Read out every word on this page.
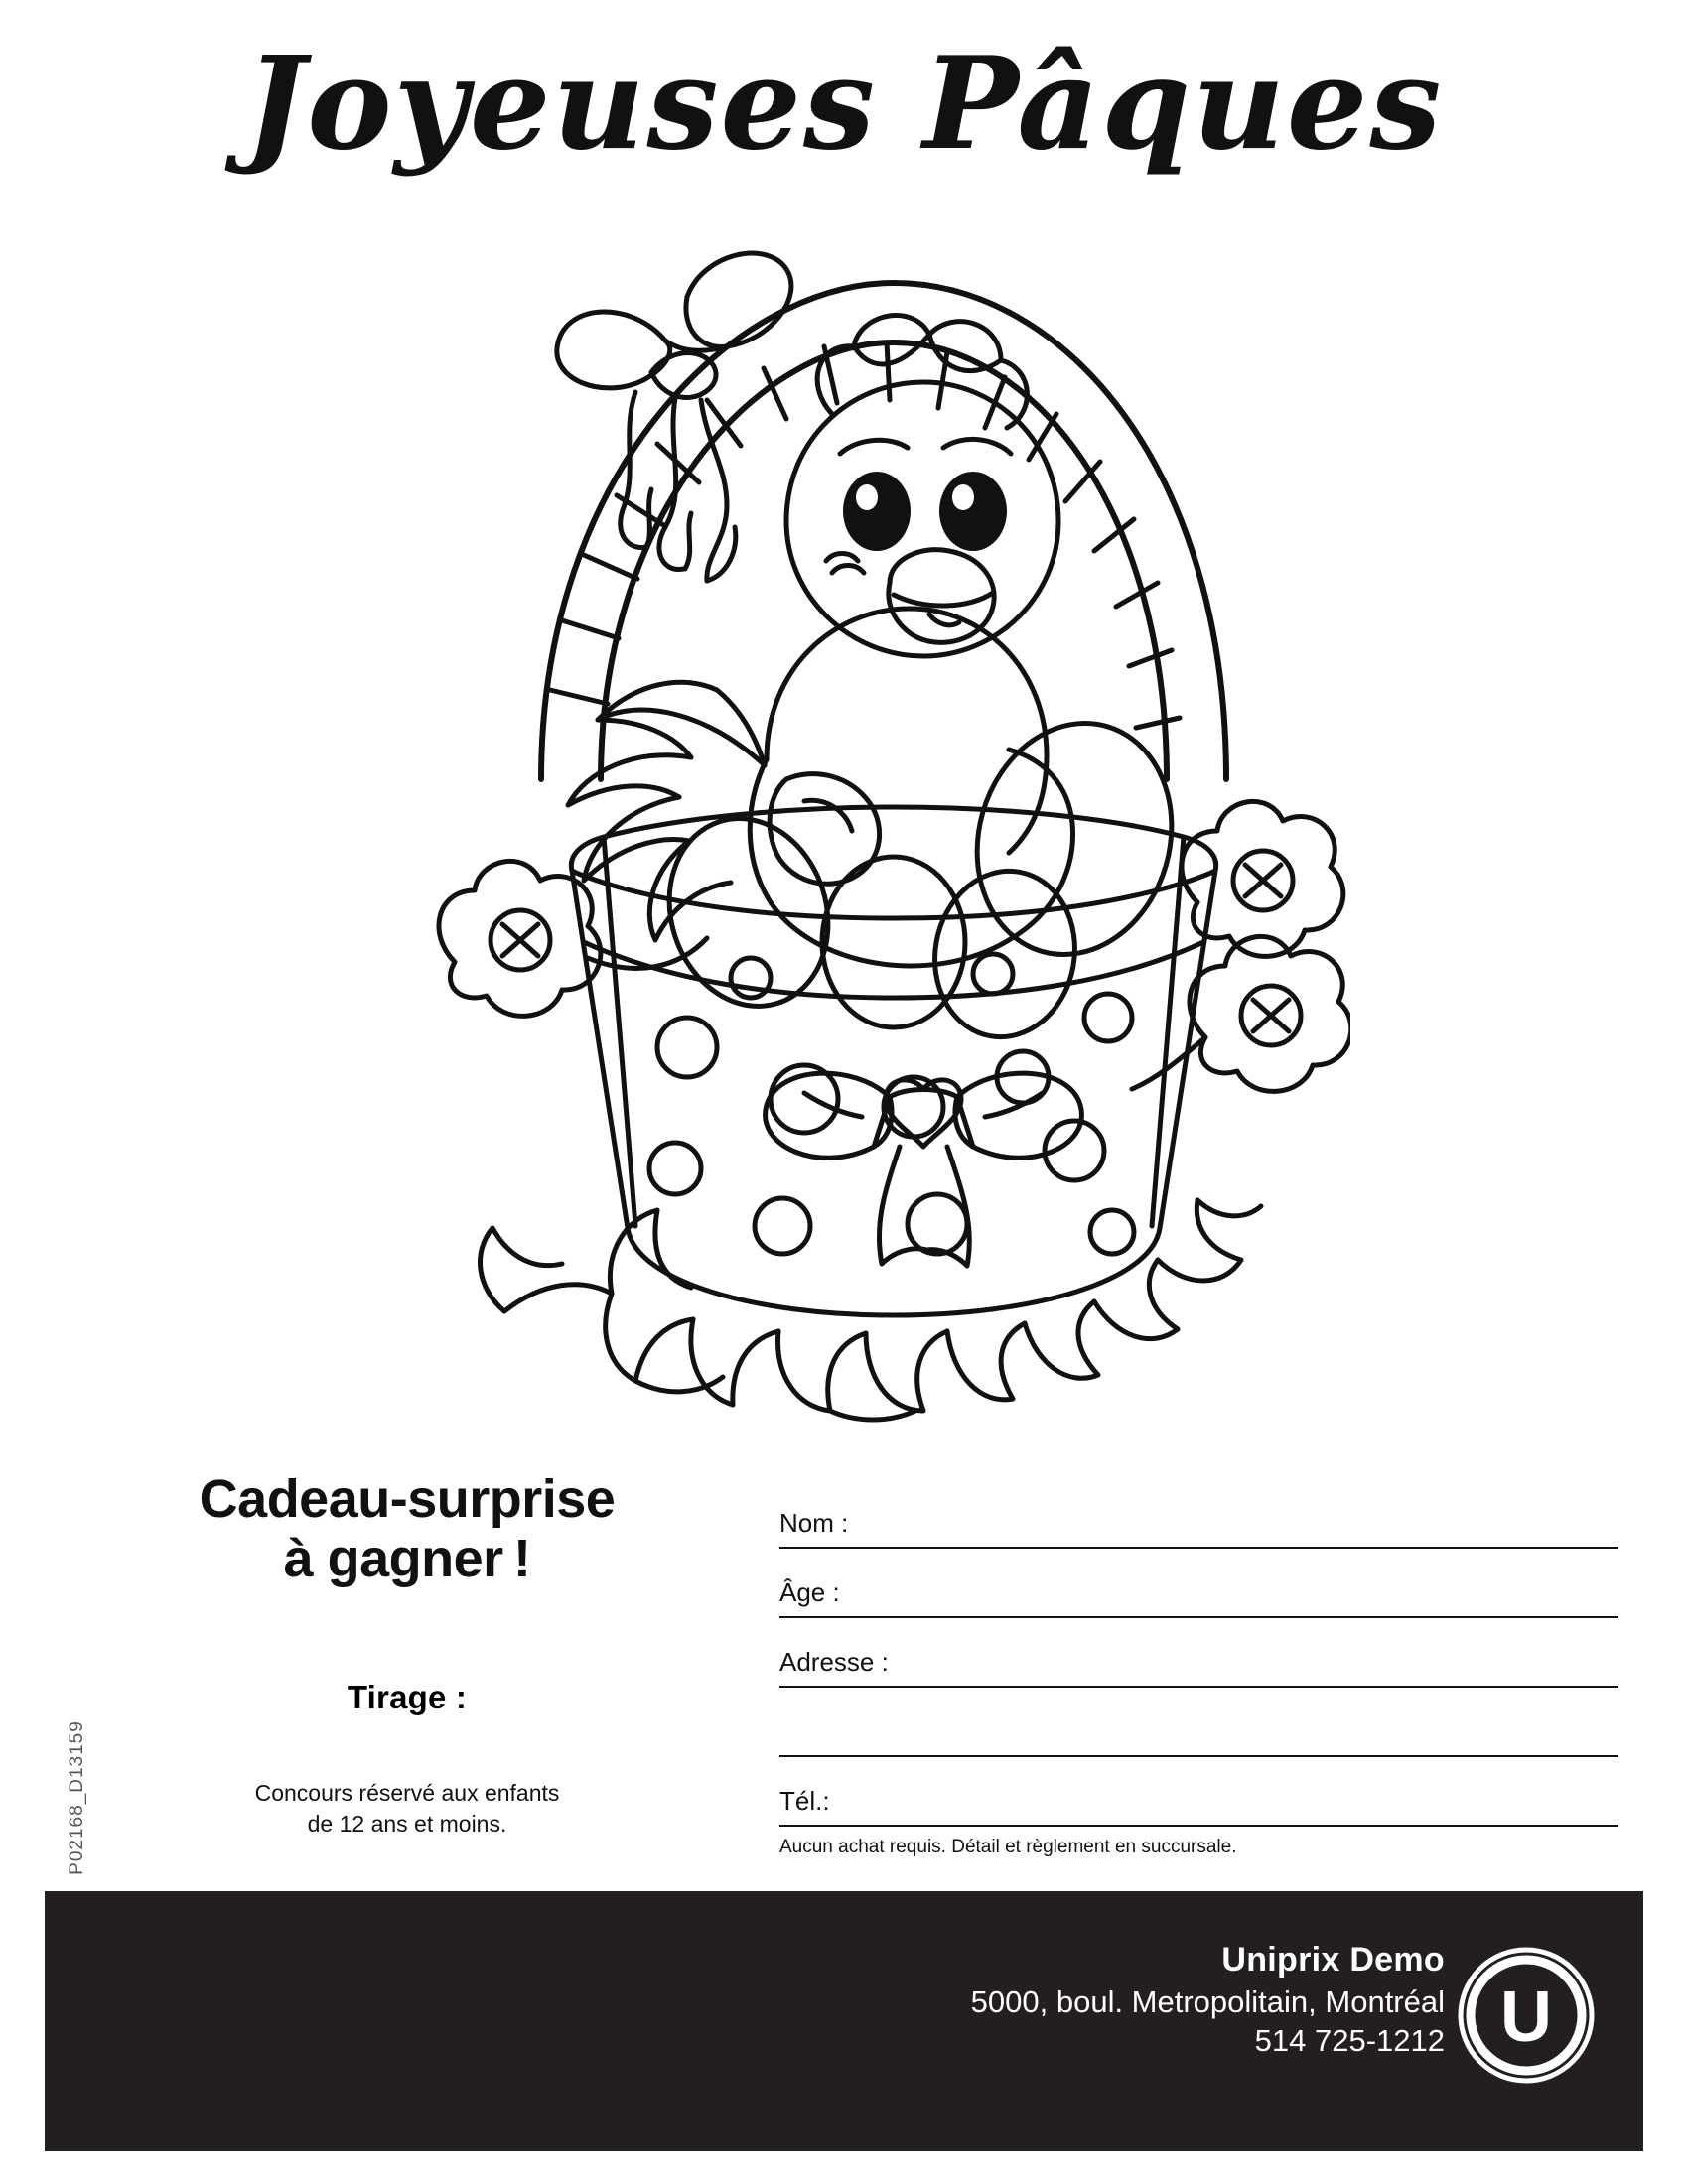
Joyeuses Pâques
Cadeau-surprise
à gagner !
Tirage :
Concours réservé aux enfants
de 12 ans et moins.
P02168_D13159
Nom :
Âge :
Adresse :
Tél.:
Aucun achat requis. Détail et règlement en succursale.
Uniprix Demo
5000, boul. Metropolitain, Montréal
514 725-1212 U
